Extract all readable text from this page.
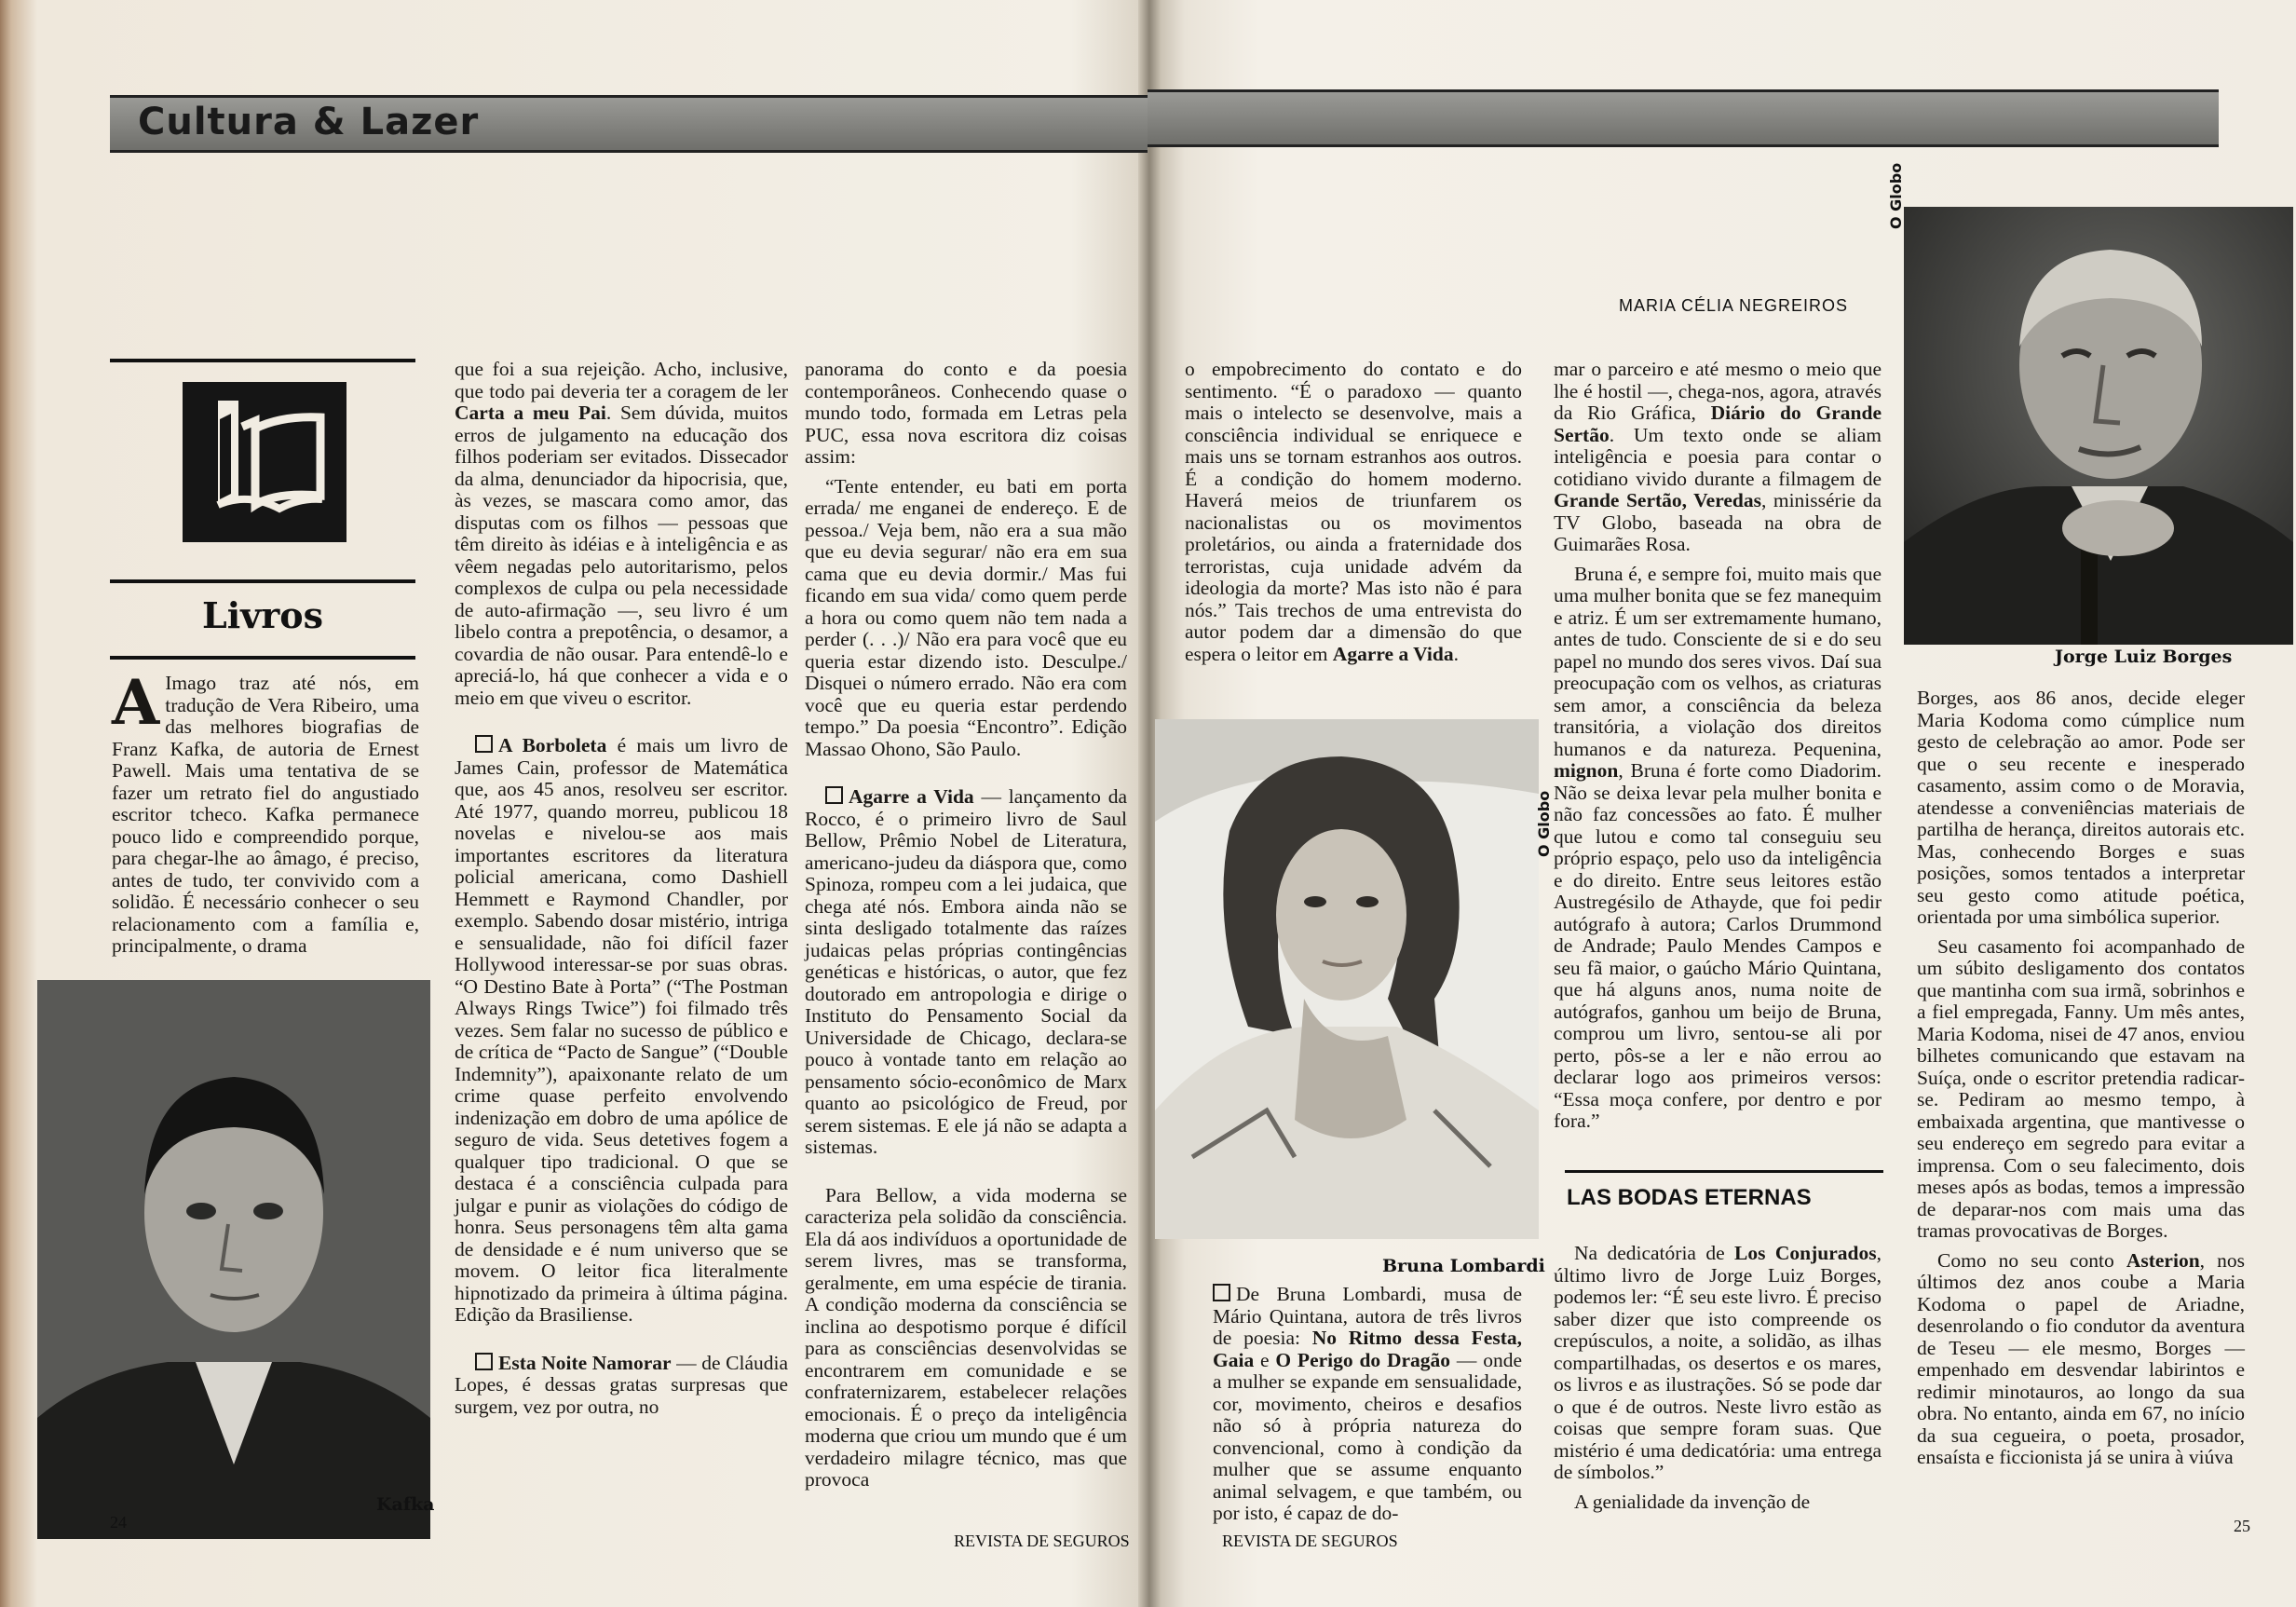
Cultura & Lazer
Livros

A Imago traz até nós, em tradução de Vera Ribeiro, uma das melhores biografias de Franz Kafka, de autoria de Ernest Pawell. Mais uma tentativa de se fazer um retrato fiel do angustiado escritor tcheco. Kafka permanece pouco lido e compreendido porque, para chegar-lhe ao âmago, é preciso, antes de tudo, ter convivido com a solidão. É necessário conhecer o seu relacionamento com a família e, principalmente, o drama

Kafka
24

que foi a sua rejeição. Acho, inclusive, que todo pai deveria ter a coragem de ler Carta a meu Pai. Sem dúvida, muitos erros de julgamento na educação dos filhos poderiam ser evitados. Dissecador da alma, denunciador da hipocrisia, que, às vezes, se mascara como amor, das disputas com os filhos — pessoas que têm direito às idéias e à inteligência e as vêem negadas pelo autoritarismo, pelos complexos de culpa ou pela necessidade de auto-afirmação —, seu livro é um libelo contra a prepotência, o desamor, a covardia de não ousar. Para entendê-lo e apreciá-lo, há que conhecer a vida e o meio em que viveu o escritor.

A Borboleta é mais um livro de James Cain, professor de Matemática que, aos 45 anos, resolveu ser escritor. Até 1977, quando morreu, publicou 18 novelas e nivelou-se aos mais importantes escritores da literatura policial americana, como Dashiell Hemmett e Raymond Chandler, por exemplo. Sabendo dosar mistério, intriga e sensualidade, não foi difícil fazer Hollywood interessar-se por suas obras. “O Destino Bate à Porta” (“The Postman Always Rings Twice”) foi filmado três vezes. Sem falar no sucesso de público e de crítica de “Pacto de Sangue” (“Double Indemnity”), apaixonante relato de um crime quase perfeito envolvendo indenização em dobro de uma apólice de seguro de vida. Seus detetives fogem a qualquer tipo tradicional. O que se destaca é a consciência culpada para julgar e punir as violações do código de honra. Seus personagens têm alta gama de densidade e é num universo que se movem. O leitor fica literalmente hipnotizado da primeira à última página. Edição da Brasiliense.

Esta Noite Namorar — de Cláudia Lopes, é dessas gratas surpresas que surgem, vez por outra, no

panorama do conto e da poesia contemporâneos. Conhecendo quase o mundo todo, formada em Letras pela PUC, essa nova escritora diz coisas assim:

“Tente entender, eu bati em porta errada/ me enganei de endereço. E de pessoa./ Veja bem, não era a sua mão que eu devia segurar/ não era em sua cama que eu devia dormir./ Mas fui ficando em sua vida/ como quem perde a hora ou como quem não tem nada a perder (. . .)/ Não era para você que eu queria estar dizendo isto. Desculpe./ Disquei o número errado. Não era com você que eu queria estar perdendo tempo.” Da poesia “Encontro”. Edição Massao Ohono, São Paulo.

Agarre a Vida — lançamento da Rocco, é o primeiro livro de Saul Bellow, Prêmio Nobel de Literatura, americano-judeu da diáspora que, como Spinoza, rompeu com a lei judaica, que chega até nós. Embora ainda não se sinta desligado totalmente das raízes judaicas pelas próprias contingências genéticas e históricas, o autor, que fez doutorado em antropologia e dirige o Instituto do Pensamento Social da Universidade de Chicago, declara-se pouco à vontade tanto em relação ao pensamento sócio-econômico de Marx quanto ao psicológico de Freud, por serem sistemas. E ele já não se adapta a sistemas.

Para Bellow, a vida moderna se caracteriza pela solidão da consciência. Ela dá aos indivíduos a oportunidade de serem livres, mas se transforma, geralmente, em uma espécie de tirania. A condição moderna da consciência se inclina ao despotismo porque é difícil para as consciências desenvolvidas se encontrarem em comunidade e se confraternizarem, estabelecer relações emocionais. É o preço da inteligência moderna que criou um mundo que é um verdadeiro milagre técnico, mas que provoca

REVISTA DE SEGUROS
MARIA CÉLIA NEGREIROS

o empobrecimento do contato e do sentimento. “É o paradoxo — quanto mais o intelecto se desenvolve, mais a consciência individual se enriquece e mais uns se tornam estranhos aos outros. É a condição do homem moderno. Haverá meios de triunfarem os nacionalistas ou os movimentos proletários, ou ainda a fraternidade dos terroristas, cuja unidade advém da ideologia da morte? Mas isto não é para nós.” Tais trechos de uma entrevista do autor podem dar a dimensão do que espera o leitor em Agarre a Vida.

O Globo
Bruna Lombardi

De Bruna Lombardi, musa de Mário Quintana, autora de três livros de poesia: No Ritmo dessa Festa, Gaia e O Perigo do Dragão — onde a mulher se expande em sensualidade, cor, movimento, cheiros e desafios não só à própria natureza do convencional, como à condição da mulher que se assume enquanto animal selvagem, e que também, ou por isto, é capaz de do-

REVISTA DE SEGUROS

mar o parceiro e até mesmo o meio que lhe é hostil —, chega-nos, agora, através da Rio Gráfica, Diário do Grande Sertão. Um texto onde se aliam inteligência e poesia para contar o cotidiano vivido durante a filmagem de Grande Sertão, Veredas, minissérie da TV Globo, baseada na obra de Guimarães Rosa.

Bruna é, e sempre foi, muito mais que uma mulher bonita que se fez manequim e atriz. É um ser extremamente humano, antes de tudo. Consciente de si e do seu papel no mundo dos seres vivos. Daí sua preocupação com os velhos, as criaturas sem amor, a consciência da beleza transitória, a violação dos direitos humanos e da natureza. Pequenina, mignon, Bruna é forte como Diadorim. Não se deixa levar pela mulher bonita e não faz concessões ao fato. É mulher que lutou e como tal conseguiu seu próprio espaço, pelo uso da inteligência e do direito. Entre seus leitores estão Austregésilo de Athayde, que foi pedir autógrafo à autora; Carlos Drummond de Andrade; Paulo Mendes Campos e seu fã maior, o gaúcho Mário Quintana, que há alguns anos, numa noite de autógrafos, ganhou um beijo de Bruna, comprou um livro, sentou-se ali por perto, pôs-se a ler e não errou ao declarar logo aos primeiros versos: “Essa moça confere, por dentro e por fora.”

LAS BODAS ETERNAS

Na dedicatória de Los Conjurados, último livro de Jorge Luiz Borges, podemos ler: “É seu este livro. É preciso saber dizer que isto compreende os crepúsculos, a noite, a solidão, as ilhas compartilhadas, os desertos e os mares, os livros e as ilustrações. Só se pode dar o que é de outros. Neste livro estão as coisas que sempre foram suas. Que mistério é uma dedicatória: uma entrega de símbolos.”

A genialidade da invenção de

O Globo
Jorge Luiz Borges

Borges, aos 86 anos, decide eleger Maria Kodoma como cúmplice num gesto de celebração ao amor. Pode ser que o seu recente e inesperado casamento, assim como o de Moravia, atendesse a conveniências materiais de partilha de herança, direitos autorais etc. Mas, conhecendo Borges e suas posições, somos tentados a interpretar seu gesto como atitude poética, orientada por uma simbólica superior.

Seu casamento foi acompanhado de um súbito desligamento dos contatos que mantinha com sua irmã, sobrinhos e a fiel empregada, Fanny. Um mês antes, Maria Kodoma, nisei de 47 anos, enviou bilhetes comunicando que estavam na Suíça, onde o escritor pretendia radicar-se. Pediram ao mesmo tempo, à embaixada argentina, que mantivesse o seu endereço em segredo para evitar a imprensa. Com o seu falecimento, dois meses após as bodas, temos a impressão de deparar-nos com mais uma das tramas provocativas de Borges.

Como no seu conto Asterion, nos últimos dez anos coube a Maria Kodoma o papel de Ariadne, desenrolando o fio condutor da aventura de Teseu — ele mesmo, Borges — empenhado em desvendar labirintos e redimir minotauros, ao longo da sua obra. No entanto, ainda em 67, no início da sua cegueira, o poeta, prosador, ensaísta e ficcionista já se unira à viúva

25
